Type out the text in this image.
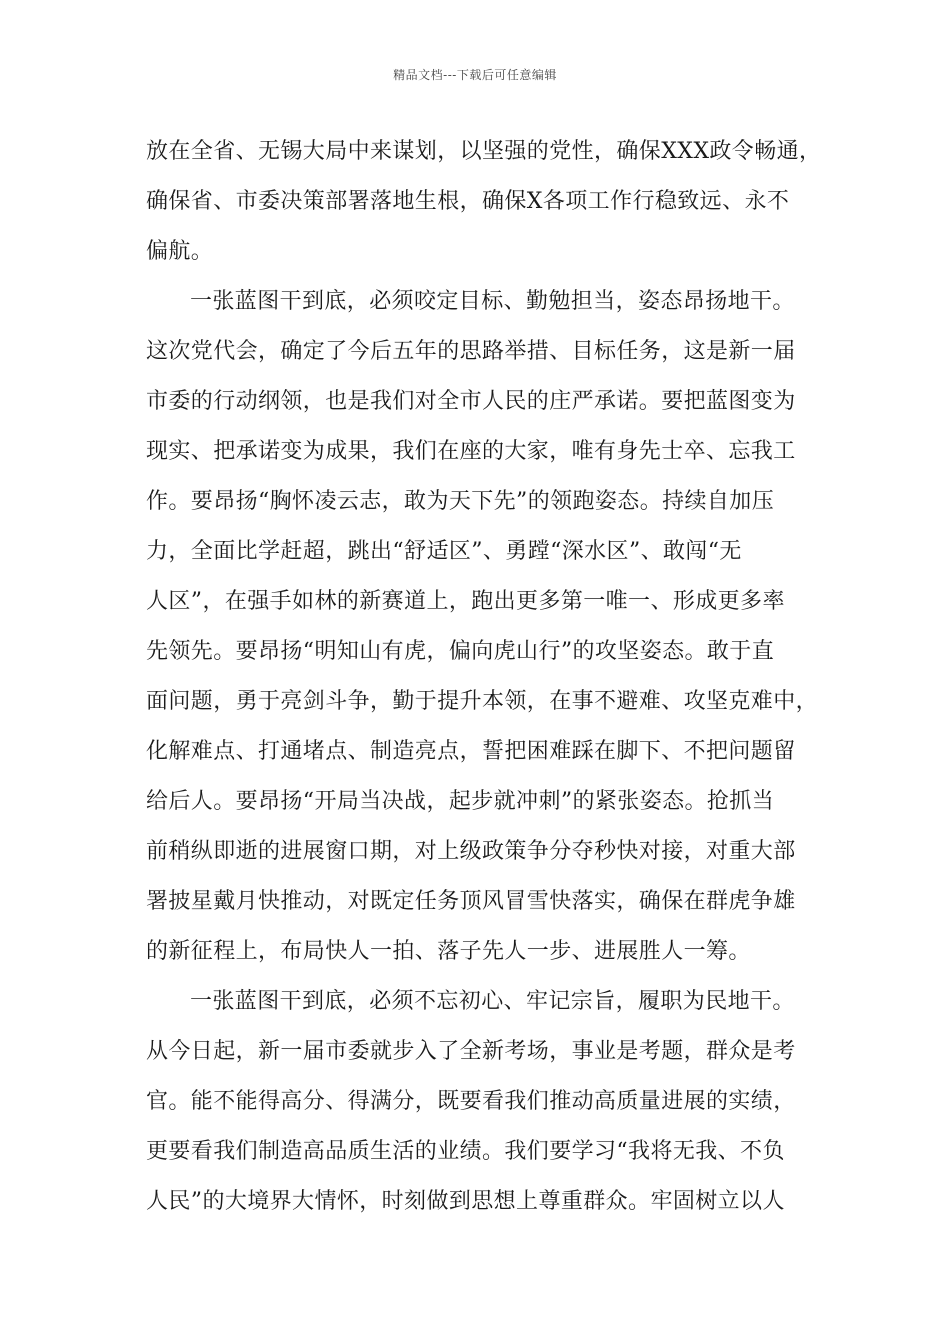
精品文档---下载后可任意编辑
放在全省、无锡大局中来谋划，以坚强的党性，确保XXX政令畅通，
确保省、市委决策部署落地生根，确保X各项工作行稳致远、永不
偏航。
一张蓝图干到底，必须咬定目标、勤勉担当，姿态昂扬地干。
这次党代会，确定了今后五年的思路举措、目标任务，这是新一届
市委的行动纲领，也是我们对全市人民的庄严承诺。要把蓝图变为
现实、把承诺变为成果，我们在座的大家，唯有身先士卒、忘我工
作。要昂扬“胸怀凌云志，敢为天下先”的领跑姿态。持续自加压
力，全面比学赶超，跳出“舒适区”、勇蹚“深水区”、敢闯“无
人区”，在强手如林的新赛道上，跑出更多第一唯一、形成更多率
先领先。要昂扬“明知山有虎，偏向虎山行”的攻坚姿态。敢于直
面问题，勇于亮剑斗争，勤于提升本领，在事不避难、攻坚克难中，
化解难点、打通堵点、制造亮点，誓把困难踩在脚下、不把问题留
给后人。要昂扬“开局当决战，起步就冲刺”的紧张姿态。抢抓当
前稍纵即逝的进展窗口期，对上级政策争分夺秒快对接，对重大部
署披星戴月快推动，对既定任务顶风冒雪快落实，确保在群虎争雄
的新征程上，布局快人一拍、落子先人一步、进展胜人一筹。
一张蓝图干到底，必须不忘初心、牢记宗旨，履职为民地干。
从今日起，新一届市委就步入了全新考场，事业是考题，群众是考
官。能不能得高分、得满分，既要看我们推动高质量进展的实绩，
更要看我们制造高品质生活的业绩。我们要学习“我将无我、不负
人民”的大境界大情怀，时刻做到思想上尊重群众。牢固树立以人
